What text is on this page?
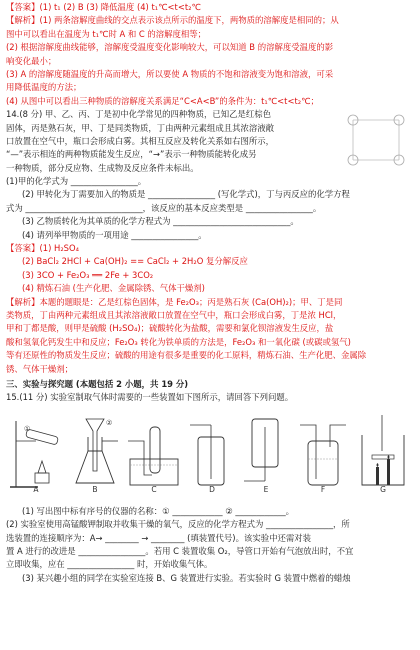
【答案】(1) t₁ (2) B (3) 降低温度 (4) t₁℃<t<t₂℃
【解析】(1) 两条溶解度曲线的交点表示该点所示的温度下，两物质的溶解度是相同的；从
图中可以看出在温度为 t₁℃时 A 和 C 的溶解度相等；
(2) 根据溶解度曲线能够，溶解度受温度变化影响较大，可以知道 B 的溶解度受温度的影
响变化最小；
(3) A 的溶解度随温度的升高而增大，所以要使 A 物质的不饱和溶液变为饱和溶液，可采
用降低温度的方法；
(4) 从图中可以看出三种物质的溶解度关系满足“C<A<B”的条件为：t₁℃<t<t₂℃；
14.(8 分) 甲、乙、丙、丁是初中化学常见的四种物质，已知乙是红棕色
固体，丙是熟石灰，甲、丁是同类物质，丁由两种元素组成且其浓溶液敞
口放置在空气中，瓶口会形成白雾。其相互反应及转化关系如右图所示，
“—”表示相连的两种物质能发生反应，“→”表示一种物质能转化成另
一种物质，部分反应物、生成物及反应条件未标出。
(1)甲的化学式为 ________________。
(2) 甲转化为丁需要加入的物质是 ________________ (写化学式)，丁与丙反应的化学方程
式为 ____________________________，该反应的基本反应类型是 ________________。
(3) 乙物质转化为其单质的化学方程式为 ____________________________。
(4) 请列举甲物质的一项用途 ________________。
【答案】(1) H₂SO₄
(2) BaCl₂ 2HCl + Ca(OH)₂ == CaCl₂ + 2H₂O 复分解反应
(3) 3CO + Fe₂O₃ ══ 2Fe + 3CO₂
(4) 精炼石油 (生产化肥、金属除锈、气体干燥剂)
【解析】本题的题眼是：乙是红棕色固体，是 Fe₂O₃；丙是熟石灰 (Ca(OH)₂)；甲、丁是同
类物质，丁由两种元素组成且其浓溶液敞口放置在空气中，瓶口会形成白雾，丁是浓 HCl，
甲和丁都是酸，则甲是硫酸 (H₂SO₄)；硫酸转化为盐酸，需要和氯化钡溶液发生反应，盐
酸和氢氧化钙发生中和反应；Fe₂O₃ 转化为铁单质的方法是，Fe₂O₃ 和一氧化碳 (或碳或氢气)
等有还原性的物质发生反应；硫酸的用途有很多是重要的化工原料，精炼石油、生产化肥、金属除
锈、气体干燥剂；
三、实验与探究题 (本题包括 2 小题，共 19 分)
15.(11 分) 实验室制取气体时需要的一些装置如下图所示，请回答下列问题。
①
A
②
B	C	D	E	F	G
(1) 写出图中标有序号的仪器的名称：① ____________ ② ____________。
(2) 实验室使用高锰酸钾制取并收集干燥的氧气，反应的化学方程式为 ________________，所
选装置的连接顺序为：A→ ________ → ________ (填装置代号)。该实验中还需对装
置 A 进行的改进是 ________________。若用 C 装置收集 O₂，导管口开始有气泡放出时，不宜
立即收集，应在 ________________ 时，开始收集气体。
(3) 某兴趣小组的同学在实验室连接 B、G 装置进行实验。若实验时 G 装置中燃着的蜡烛
